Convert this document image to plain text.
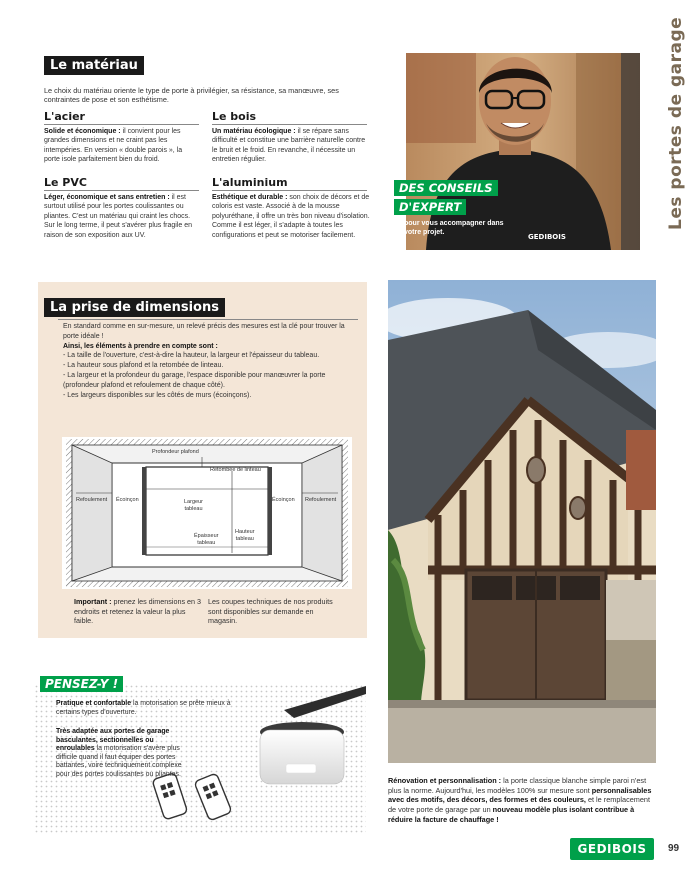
Les portes de garage
Le matériau
Le choix du matériau oriente le type de porte à privilégier, sa résistance, sa manœuvre, ses contraintes de pose et son esthétisme.
L'acier
Solide et économique : il convient pour les grandes dimensions et ne craint pas les intempéries. En version « double parois », la porte isole parfaitement bien du froid.
Le bois
Un matériau écologique : il se répare sans difficulté et constitue une barrière naturelle contre le bruit et le froid. En revanche, il nécessite un entretien régulier.
Le PVC
Léger, économique et sans entretien : il est surtout utilisé pour les portes coulissantes ou pliantes. C'est un matériau qui craint les chocs. Sur le long terme, il peut s'avérer plus fragile en raison de son exposition aux UV.
L'aluminium
Esthétique et durable : son choix de décors et de coloris est vaste. Associé à de la mousse polyuréthane, il offre un très bon niveau d'isolation. Comme il est léger, il s'adapte à toutes les configurations et peut se motoriser facilement.	GEDIBOIS
DES CONSEILS
D'EXPERT
pour vous accompagner dans votre projet.
La prise de dimensions
En standard comme en sur-mesure, un relevé précis des mesures est la clé pour trouver la porte idéale !
Ainsi, les éléments à prendre en compte sont :
- La taille de l'ouverture, c'est-à-dire la hauteur, la largeur et l'épaisseur du tableau.
- La hauteur sous plafond et la retombée de linteau.
- La largeur et la profondeur du garage, l'espace disponible pour manœuvrer la porte (profondeur plafond et refoulement de chaque côté).
- Les largeurs disponibles sur les côtés de murs (écoinçons).
Profondeur plafond
Retombée de linteau
Refoulement Écoinçon	Largeur
tableau
Écoinçon Refoulement
Épaisseur
tableau
Hauteur
tableau
Important : prenez les dimensions en 3 endroits et retenez la valeur la plus faible.
Les coupes techniques de nos produits sont disponibles sur demande en magasin.
PENSEZ-Y !
Pratique et confortable la motorisation se prête mieux à certains types d'ouverture.
Très adaptée aux portes de garage basculantes, sectionnelles ou enroulables la motorisation s'avère plus difficile quand il faut équiper des portes battantes, voire techniquement complexe pour des portes coulissantes ou pliantes.
Rénovation et personnalisation : la porte classique blanche simple paroi n'est plus la norme. Aujourd'hui, les modèles 100% sur mesure sont personnalisables avec des motifs, des décors, des formes et des couleurs, et le remplacement de votre porte de garage par un nouveau modèle plus isolant contribue à réduire la facture de chauffage !
GEDIBOIS	99
